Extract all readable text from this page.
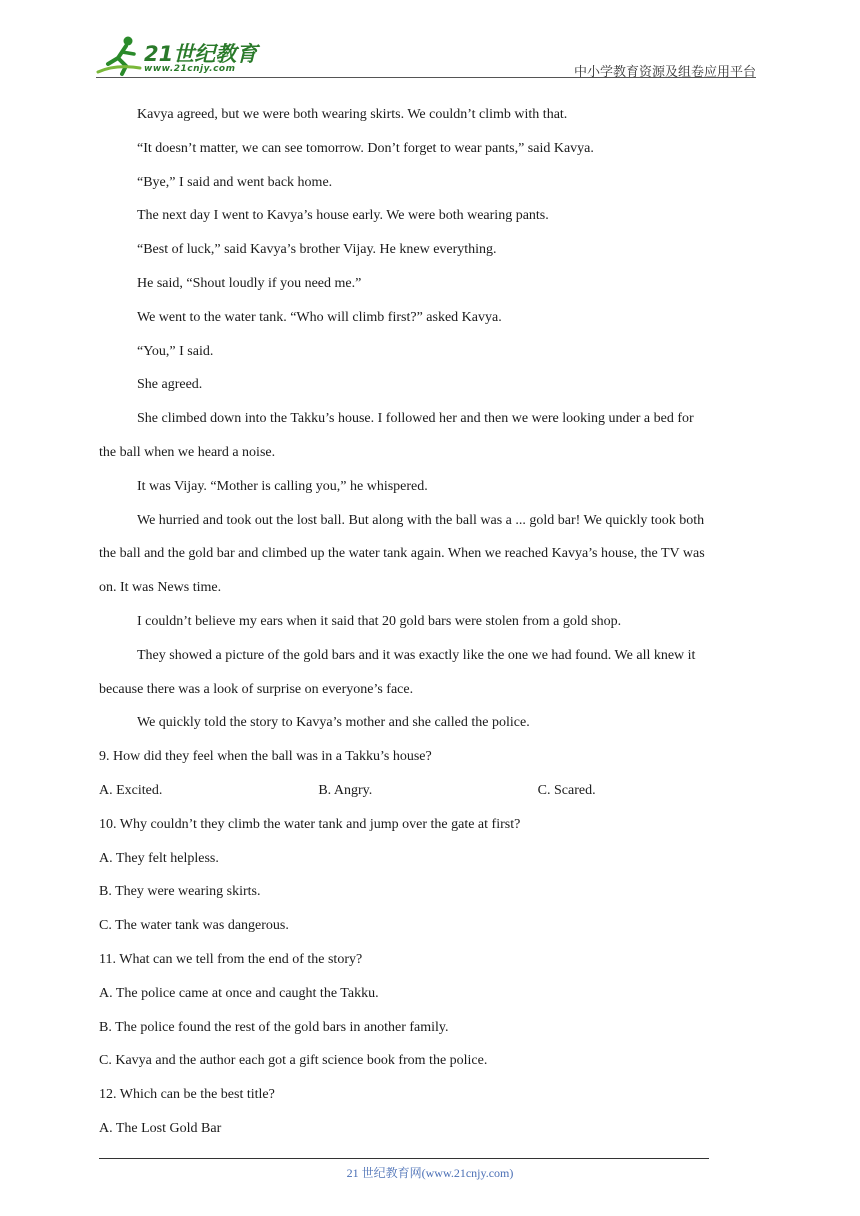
21世纪教育
www.21cnjy.com	中小学教育资源及组卷应用平台
Kavya agreed, but we were both wearing skirts. We couldn’t climb with that.
“It doesn’t matter, we can see tomorrow. Don’t forget to wear pants,” said Kavya.
“Bye,” I said and went back home.
The next day I went to Kavya’s house early. We were both wearing pants.
“Best of luck,” said Kavya’s brother Vijay. He knew everything.
He said, “Shout loudly if you need me.”
We went to the water tank. “Who will climb first?” asked Kavya.
“You,” I said.
She agreed.
She climbed down into the Takku’s house. I followed her and then we were looking under a bed for
the ball when we heard a noise.
It was Vijay. “Mother is calling you,” he whispered.
We hurried and took out the lost ball. But along with the ball was a ... gold bar! We quickly took both
the ball and the gold bar and climbed up the water tank again. When we reached Kavya’s house, the TV was
on. It was News time.
I couldn’t believe my ears when it said that 20 gold bars were stolen from a gold shop.
They showed a picture of the gold bars and it was exactly like the one we had found. We all knew it
because there was a look of surprise on everyone’s face.
We quickly told the story to Kavya’s mother and she called the police.
9. How did they feel when the ball was in a Takku’s house?
A. Excited.	B. Angry.	C. Scared.
10. Why couldn’t they climb the water tank and jump over the gate at first?
A. They felt helpless.
B. They were wearing skirts.
C. The water tank was dangerous.
11. What can we tell from the end of the story?
A. The police came at once and caught the Takku.
B. The police found the rest of the gold bars in another family.
C. Kavya and the author each got a gift science book from the police.
12. Which can be the best title?
A. The Lost Gold Bar
21 世纪教育网(www.21cnjy.com)
